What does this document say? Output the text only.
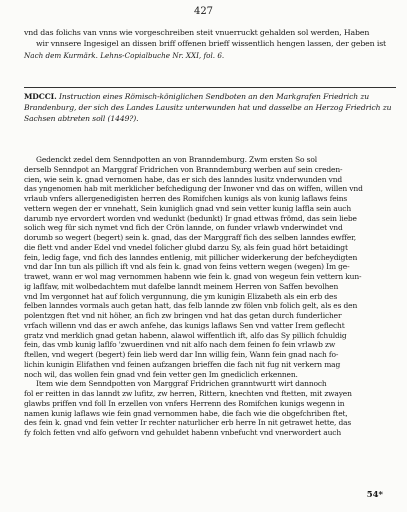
427
vnd das folichs van vnns wie vorgeschreiben steit vnuerruckt gehalden sol werden, Haben
wir vnnsere Ingesigel an dissen briff offenen brieff wissentlich hengen lassen, der geben ist
Nach dem Kurmärk. Lehns-Copialbuche Nr. XXI, fol. 6.
MDCCI. Instruction eines Römisch-königlichen Sendboten an den Markgrafen Friedrich zu Brandenburg, der sich des Landes Lausitz unterwunden hat und dasselbe an Herzog Friedrich zu Sachsen abtreten soll (1449?).
Gedenckt zedel dem Senndpotten an von Branndemburg. Zwm ersten So sol
derselb Senndpot an Marggraf Fridrichen von Branndemburg werben auf sein creden-
cien, wie sein k. gnad vernomen habe, das er sich des lanndes lusitz vnderwunden vnd
das yngenomen hab mit merklicher befchedigung der Inwoner vnd das on wiffen, willen vnd
vrlaub vnfers allergenedigisten herren des Romifchen kunigs als von kunig laflaws feins
vettern wegen der er vnnehatt, Sein kuniglich gnad vnd sein vetter kunig laffla sein auch
darumb nye ervordert worden vnd wedunkt (bedunkt) Ir gnad ettwas frömd, das sein liebe
solich weg für sich nymet vnd fich der Crön lannde, on funder vrlawb vnderwindet vnd
dorumb so wegert (begert) sein k. gnad, das der Marggraff fich des selben lanndes ewffer,
die flett vnd ander Edel vnd vnedel folicher glubd darzu Sy, als fein guad hört betaidingt
fein, ledig fage, vnd fich des lanndes entlenig, mit pillicher widerkerung der befcheydigten
vnd dar Inn tun als pillich ift vnd als fein k. gnad von feins vettern wegen (wegen) Im ge-
trawet, wann er wol mag vernommen habenn wie fein k. gnad von wegeun fein vettern kun-
ig laflfaw, mit wolbedachtem mut dafelbe lanndt meinem Herren von Saffen bevolhen
vnd Im vergonnet hat auf folich vergunnung, die ym kunigin Elizabeth als ein erb des
felben lanndes vormals auch getan hatt, das felb lannde zw fölen vnb folich gelt, als es den
polentzgen ftet vnd nit höher, an fich zw bringen vnd hat das getan durch funderlicher
vrfach willenn vnd das er awch anfehe, das kunigs laflaws Sen vnd vatter Irem geflecht
gratz vnd merklich gnad getan habenn, alawol wiffentlich ift, alfo das Sy pillich fchuldig
fein, das vmb kunig laflfo 'zwuerdinen vnd nit alfo nach dem feinen fo fein vrlawb zw
ftellen, vnd wegert (begert) fein lieb werd dar Inn willig fein, Wann fein gnad nach fo-
lichin kunigin Elifathen vnd feinen aufzangen brieffen die fach nit fug nit verkern mag
noch wil, das wollen fein gnad vnd fein vetter gen Im gnediclich erkennen.
Item wie dem Senndpotten von Marggraf Fridrichen granntwurtt wirt dannoch
fol er reitten in das lanndt zw lufitz, zw herren, Rittern, knechten vnd ftetten, mit zwayen
glawbs priffen vnd foll In erzellen von vnfers Herrenn des Romifchen kunigs wegenn in
namen kunig laflaws wie fein gnad vernommen habe, die fach wie die obgefchriben ftet,
des fein k. gnad vnd fein vetter Ir rechter naturlicher erb herre In nit getrawet hette, das
fy folch fetten vnd alfo gefworn vnd gehuldet habenn vnbefucht vnd vnerwordert auch
54*
